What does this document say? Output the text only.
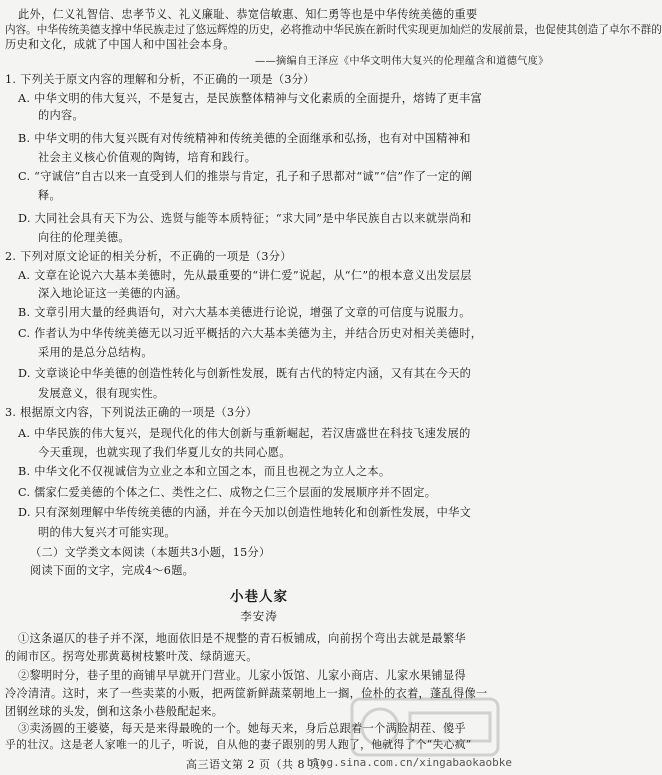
此外，仁义礼智信、忠孝节义、礼义廉耻、恭宽信敏惠、知仁勇等也是中华传统美德的重要
内容。中华传统美德支撑中华民族走过了悠远辉煌的历史，必将推动中华民族在新时代实现更加灿烂的发展前景，也促使其创造了卓尔不群的
历史和文化，成就了中国人和中国社会本身。
——摘编自王泽应《中华文明伟大复兴的伦理蕴含和道德气度》
1. 下列关于原文内容的理解和分析，不正确的一项是（3分）
A. 中华文明的伟大复兴，不是复古，是民族整体精神与文化素质的全面提升，熔铸了更丰富
的内容。
B. 中华文明的伟大复兴既有对传统精神和传统美德的全面继承和弘扬，也有对中国精神和
社会主义核心价值观的陶铸，培育和践行。
C. “守诚信”自古以来一直受到人们的推崇与肯定，孔子和子思都对“诚”“信”作了一定的阐
释。
D. 大同社会具有天下为公、选贤与能等本质特征；“求大同”是中华民族自古以来就崇尚和
向往的伦理美德。
2. 下列对原文论证的相关分析，不正确的一项是（3分）
A. 文章在论说六大基本美德时，先从最重要的“讲仁爱”说起，从“仁”的根本意义出发层层
深入地论证这一美德的内涵。
B. 文章引用大量的经典语句，对六大基本美德进行论说，增强了文章的可信度与说服力。
C. 作者认为中华传统美德无以习近平概括的六大基本美德为主，并结合历史对相关美德时，
采用的是总分总结构。
D. 文章谈论中华美德的创造性转化与创新性发展，既有古代的特定内涵，又有其在今天的
发展意义，很有现实性。
3. 根据原文内容，下列说法正确的一项是（3分）
A. 中华民族的伟大复兴，是现代化的伟大创新与重新崛起，若汉唐盛世在科技飞速发展的
今天重现，也就实现了我们华夏儿女的共同心愿。
B. 中华文化不仅视诚信为立业之本和立国之本，而且也视之为立人之本。
C. 儒家仁爱美德的个体之仁、类性之仁、成物之仁三个层面的发展顺序并不固定。
D. 只有深刻理解中华传统美德的内涵，并在今天加以创造性地转化和创新性发展，中华文
明的伟大复兴才可能实现。
（二）文学类文本阅读（本题共3小题，15分）
阅读下面的文字，完成4～6题。
小巷人家
李安涛
①这条逼仄的巷子并不深，地面依旧是不规整的青石板铺成，向前拐个弯出去就是最繁华
的闹市区。拐弯处那黄葛树枝繁叶茂、绿荫遮天。
②黎明时分，巷子里的商铺早早就开门营业。儿家小饭馆、儿家小商店、儿家水果铺显得
冷冷清清。这时，来了一些卖菜的小贩，把两筐新鲜蔬菜朝地上一搁，俭朴的衣着，蓬乱得像一
团钢丝球的头发，倒和这条小巷般配起来。
③卖汤圆的王婆婆，每天是来得最晚的一个。她每天来，身后总跟着一个满脸胡茬、傻乎
乎的壮汉。这是老人家唯一的儿子，听说，自从他的妻子跟别的男人跑了，他就得了个“失心疯”
高三语文第 2 页（共 8 页）
blog.sina.com.cn/xingabaokaobke
